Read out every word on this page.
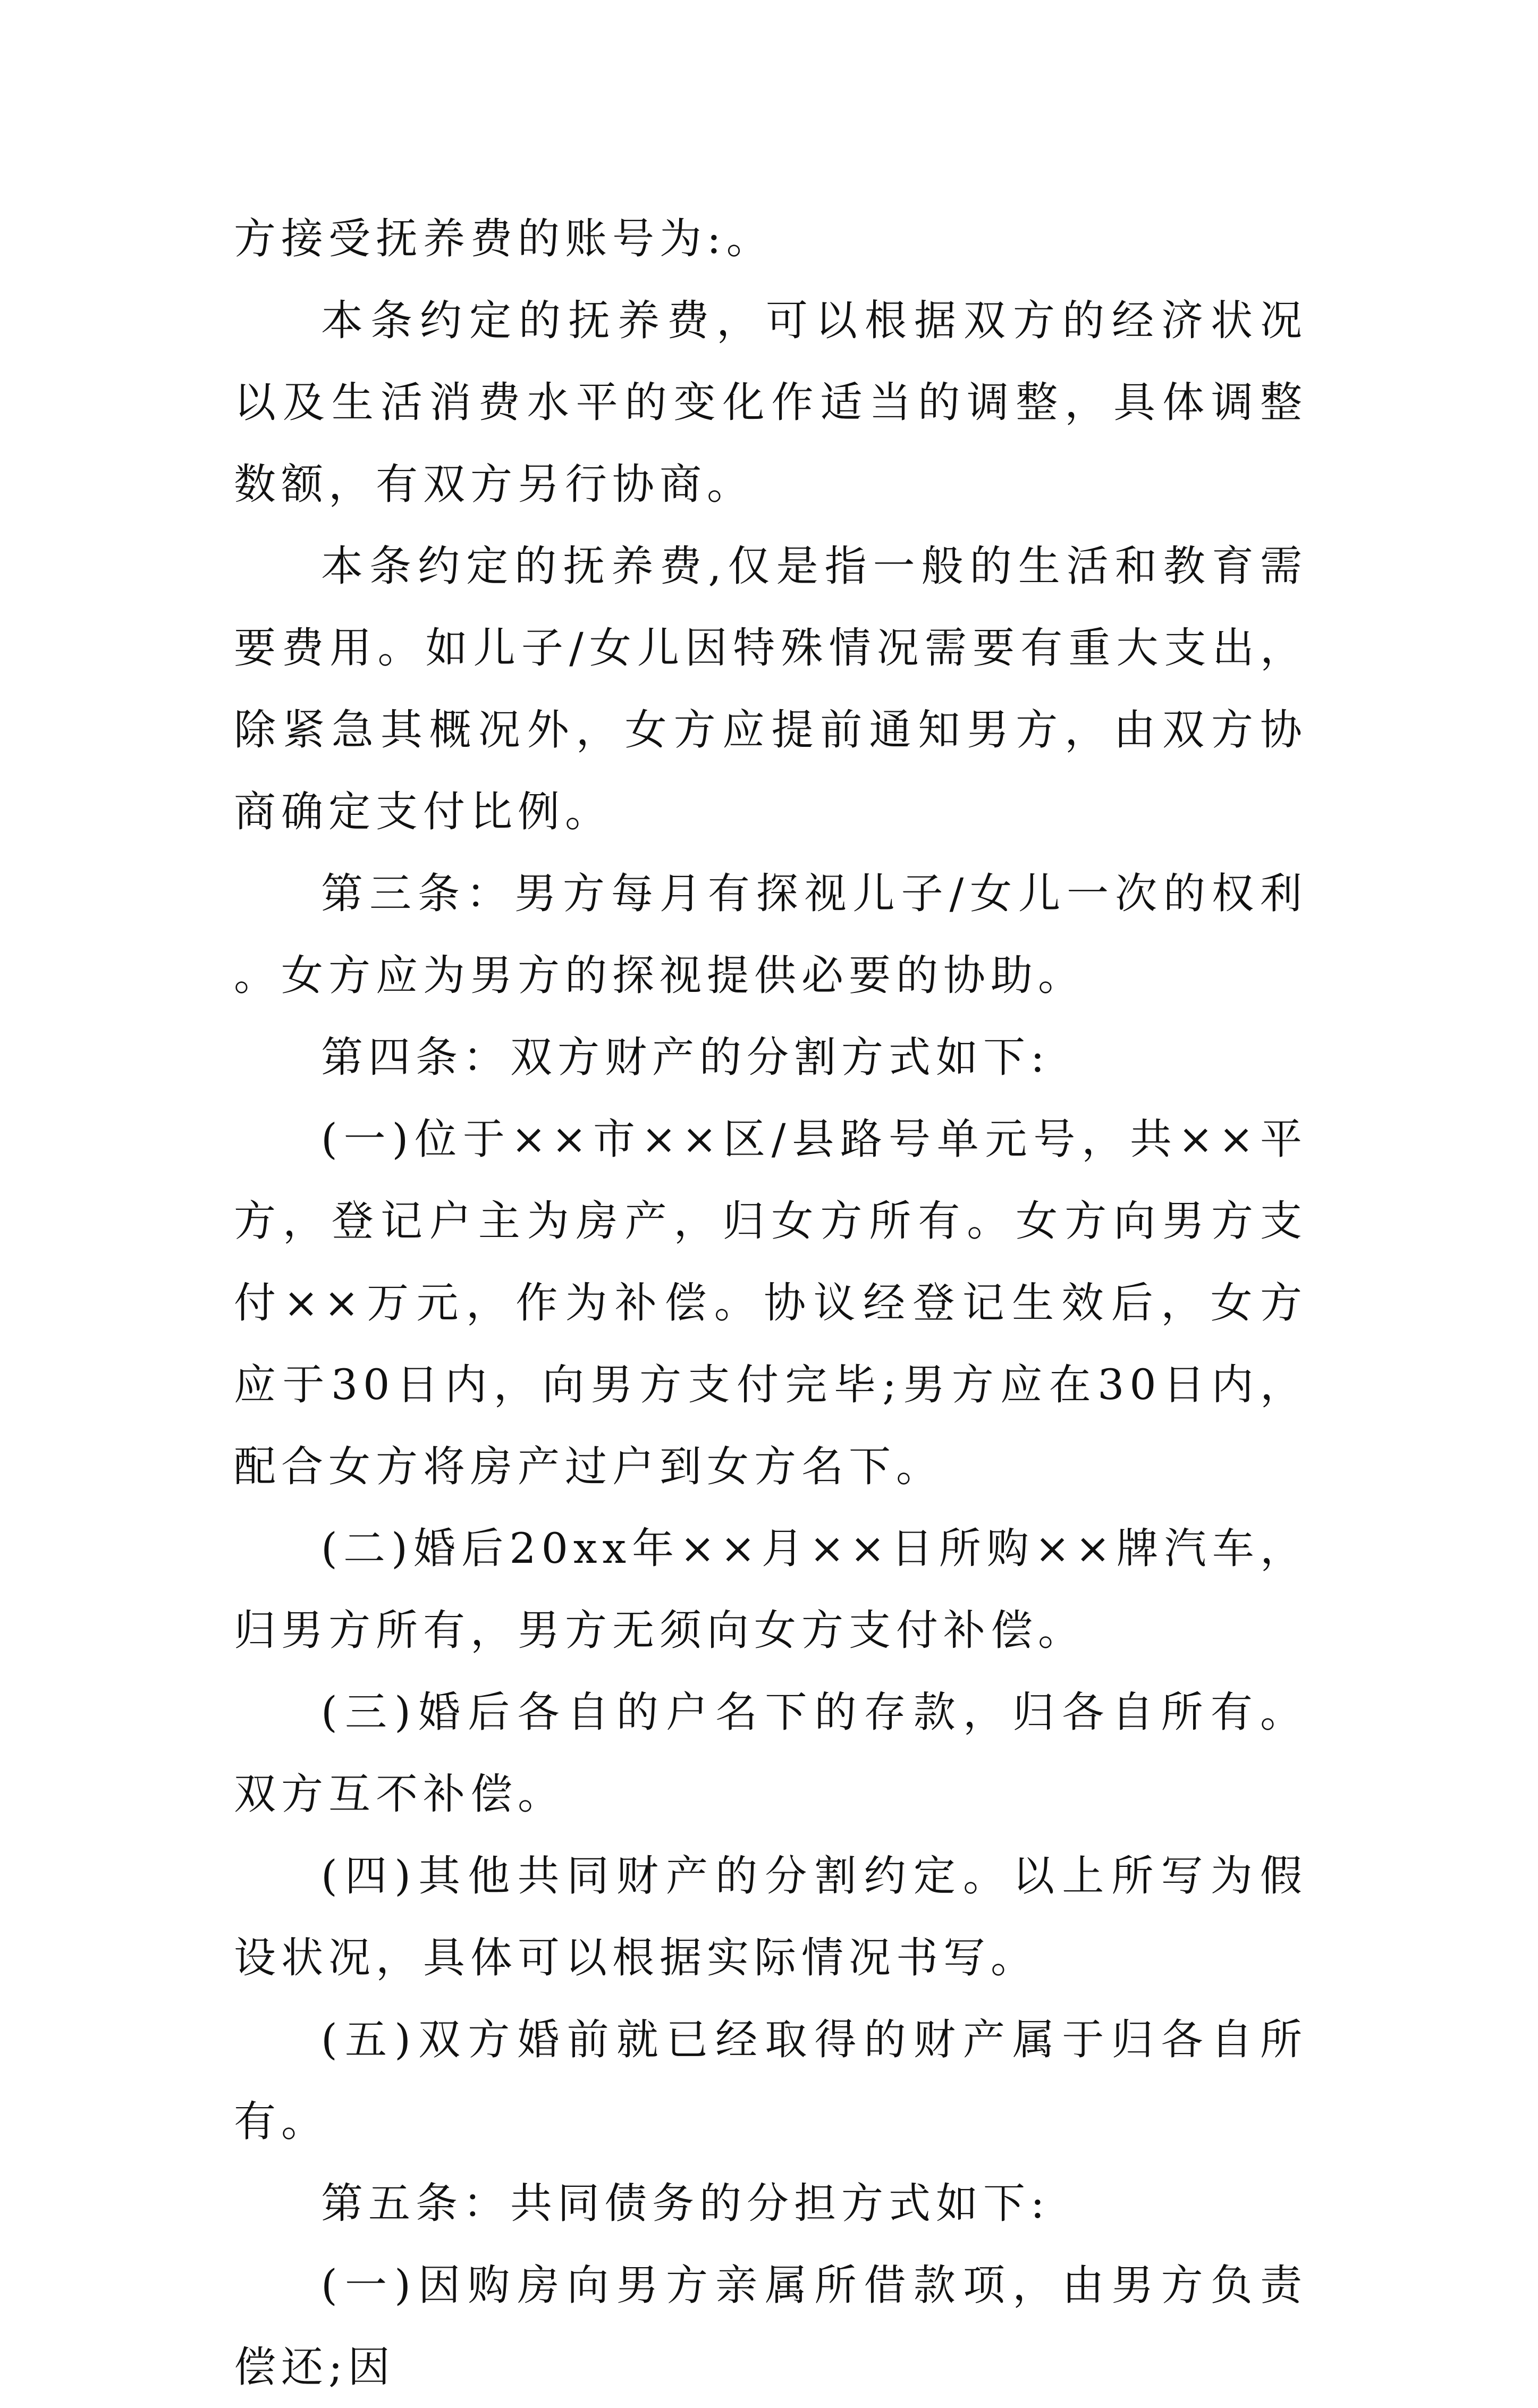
方接受抚养费的账号为:。

本条约定的抚养费，可以根据双方的经济状况以及生活消费水平的变化作适当的调整，具体调整数额，有双方另行协商。

本条约定的抚养费,仅是指一般的生活和教育需要费用。如儿子/女儿因特殊情况需要有重大支出，除紧急其概况外，女方应提前通知男方，由双方协商确定支付比例。

第三条：男方每月有探视儿子/女儿一次的权利。女方应为男方的探视提供必要的协助。

第四条：双方财产的分割方式如下:

(一)位于××市××区/县路号单元号，共××平方，登记户主为房产，归女方所有。女方向男方支付××万元，作为补偿。协议经登记生效后，女方应于30日内，向男方支付完毕;男方应在30日内，配合女方将房产过户到女方名下。

(二)婚后20xx年××月××日所购××牌汽车，归男方所有，男方无须向女方支付补偿。

(三)婚后各自的户名下的存款，归各自所有。双方互不补偿。

(四)其他共同财产的分割约定。以上所写为假设状况，具体可以根据实际情况书写。

(五)双方婚前就已经取得的财产属于归各自所有。

第五条：共同债务的分担方式如下:

(一)因购房向男方亲属所借款项，由男方负责偿还;因
